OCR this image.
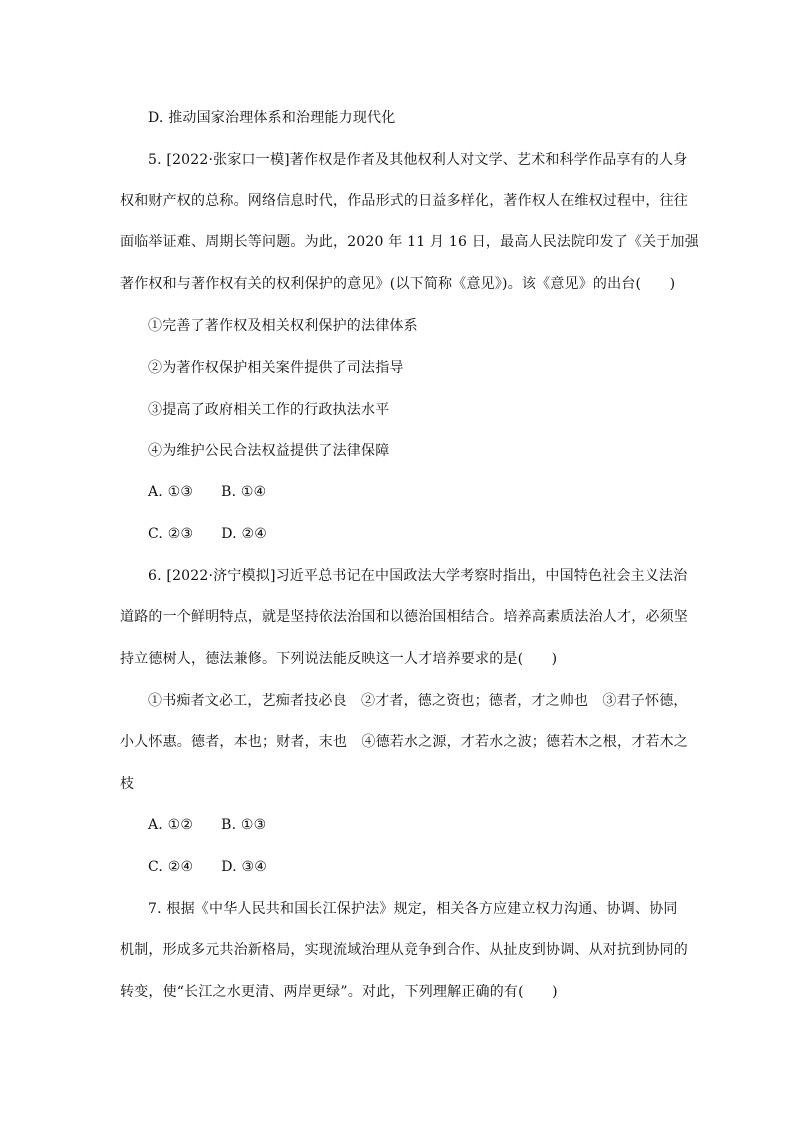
D. 推动国家治理体系和治理能力现代化
5. [2022·张家口一模]著作权是作者及其他权利人对文学、艺术和科学作品享有的人身
权和财产权的总称。网络信息时代，作品形式的日益多样化，著作权人在维权过程中，往往
面临举证难、周期长等问题。为此，2020 年 11 月 16 日，最高人民法院印发了《关于加强
著作权和与著作权有关的权利保护的意见》(以下简称《意见》)。该《意见》的出台(　　)
①完善了著作权及相关权利保护的法律体系
②为著作权保护相关案件提供了司法指导
③提高了政府相关工作的行政执法水平
④为维护公民合法权益提供了法律保障
A. ①③ B. ①④
C. ②③ D. ②④
6. [2022·济宁模拟]习近平总书记在中国政法大学考察时指出，中国特色社会主义法治
道路的一个鲜明特点，就是坚持依法治国和以德治国相结合。培养高素质法治人才，必须坚
持立德树人，德法兼修。下列说法能反映这一人才培养要求的是(　　)
①书痴者文必工，艺痴者技必良　②才者，德之资也；德者，才之帅也　③君子怀德，
小人怀惠。德者，本也；财者，末也　④德若水之源，才若水之波；德若木之根，才若木之
枝
A. ①② B. ①③
C. ②④ D. ③④
7. 根据《中华人民共和国长江保护法》规定，相关各方应建立权力沟通、协调、协同
机制，形成多元共治新格局，实现流域治理从竞争到合作、从扯皮到协调、从对抗到协同的
转变，使“长江之水更清、两岸更绿”。对此，下列理解正确的有(　　)
